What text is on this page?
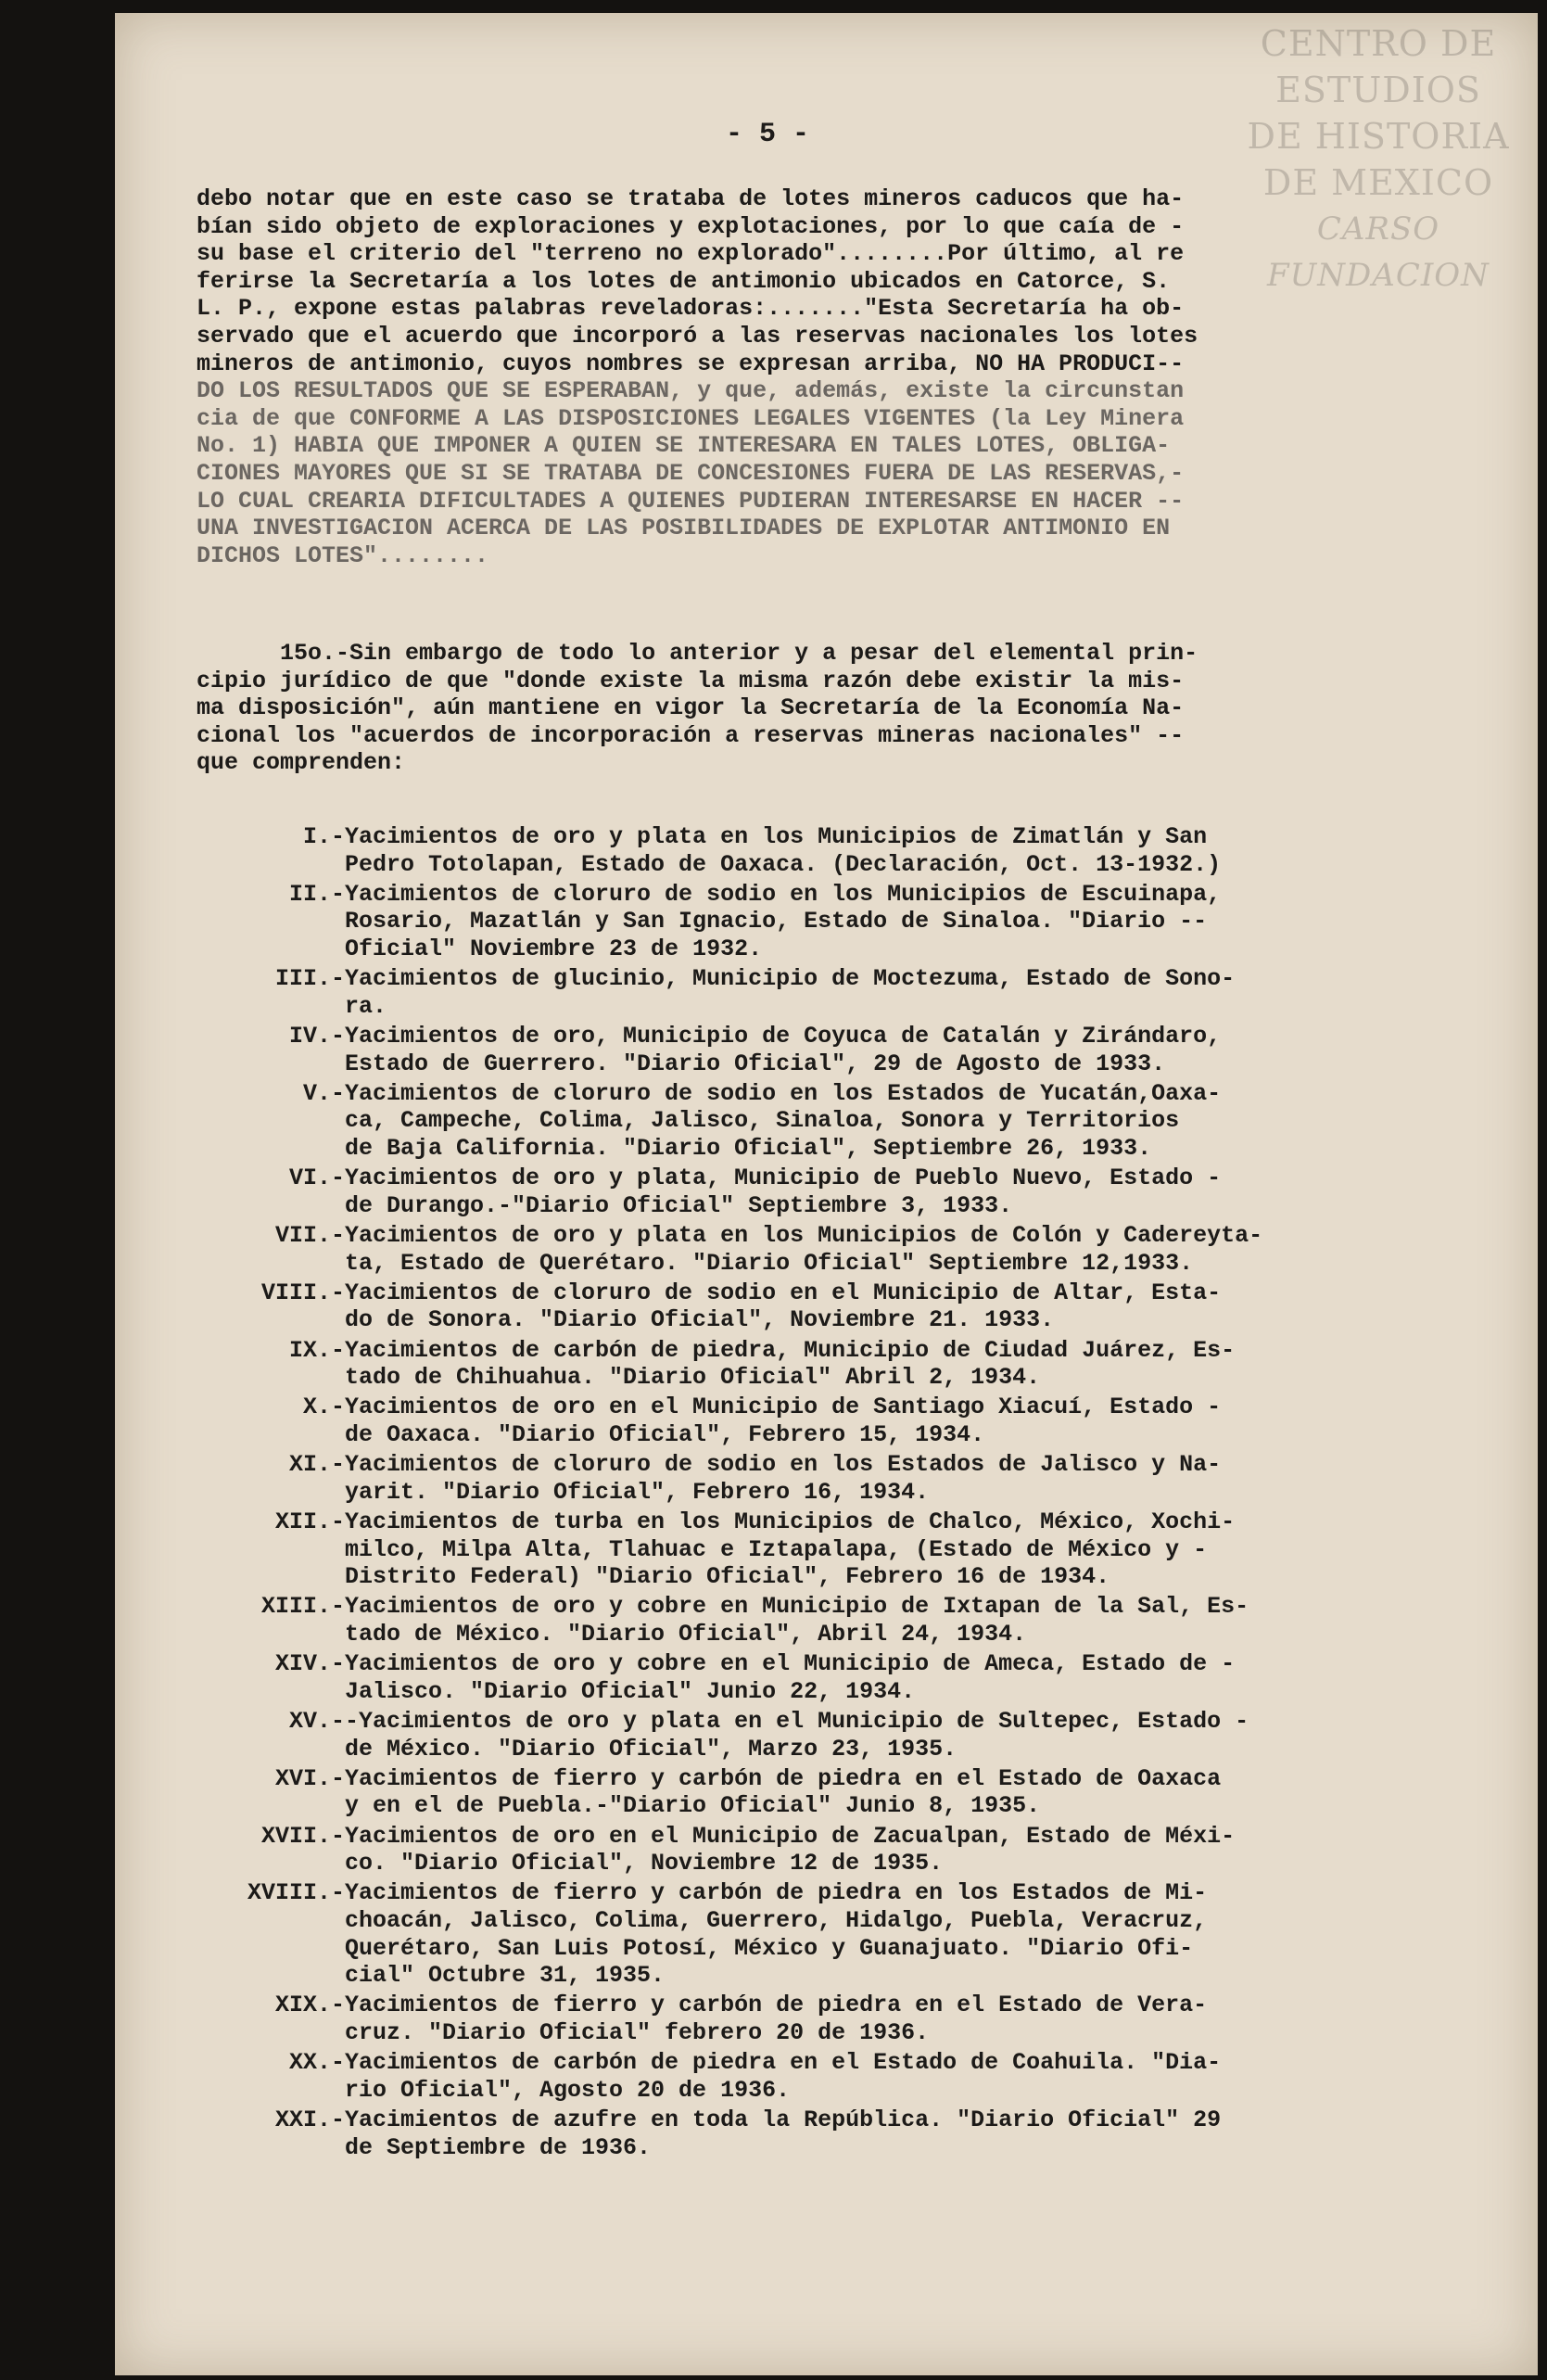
CENTRO DE
ESTUDIOS
DE HISTORIA
DE MEXICO
CARSO
FUNDACION
- 5 -
debo notar que en este caso se trataba de lotes mineros caducos que ha-
bían sido objeto de exploraciones y explotaciones, por lo que caía de -
su base el criterio del "terreno no explorado"........Por último, al re
ferirse la Secretaría a los lotes de antimonio ubicados en Catorce, S.
L. P., expone estas palabras reveladoras:......."Esta Secretaría ha ob-
servado que el acuerdo que incorporó a las reservas nacionales los lotes
mineros de antimonio, cuyos nombres se expresan arriba, NO HA PRODUCI--
DO LOS RESULTADOS QUE SE ESPERABAN, y que, además, existe la circunstan
cia de que CONFORME A LAS DISPOSICIONES LEGALES VIGENTES (la Ley Minera
No. 1) HABIA QUE IMPONER A QUIEN SE INTERESARA EN TALES LOTES, OBLIGA-
CIONES MAYORES QUE SI SE TRATABA DE CONCESIONES FUERA DE LAS RESERVAS,-
LO CUAL CREARIA DIFICULTADES A QUIENES PUDIERAN INTERESARSE EN HACER --
UNA INVESTIGACION ACERCA DE LAS POSIBILIDADES DE EXPLOTAR ANTIMONIO EN
DICHOS LOTES"........
15o.-Sin embargo de todo lo anterior y a pesar del elemental prin-
cipio jurídico de que "donde existe la misma razón debe existir la mis-
ma disposición", aún mantiene en vigor la Secretaría de la Economía Na-
cional los "acuerdos de incorporación a reservas mineras nacionales" --
que comprenden:
I.- Yacimientos de oro y plata en los Municipios de Zimatlán y San
Pedro Totolapan, Estado de Oaxaca. (Declaración, Oct. 13-1932.)
II.- Yacimientos de cloruro de sodio en los Municipios de Escuinapa,
Rosario, Mazatlán y San Ignacio, Estado de Sinaloa. "Diario --
Oficial" Noviembre 23 de 1932.
III.- Yacimientos de glucinio, Municipio de Moctezuma, Estado de Sono-
ra.
IV.- Yacimientos de oro, Municipio de Coyuca de Catalán y Zirándaro,
Estado de Guerrero. "Diario Oficial", 29 de Agosto de 1933.
V.- Yacimientos de cloruro de sodio en los Estados de Yucatán,Oaxa-
ca, Campeche, Colima, Jalisco, Sinaloa, Sonora y Territorios
de Baja California. "Diario Oficial", Septiembre 26, 1933.
VI.- Yacimientos de oro y plata, Municipio de Pueblo Nuevo, Estado -
de Durango.-"Diario Oficial" Septiembre 3, 1933.
VII.- Yacimientos de oro y plata en los Municipios de Colón y Cadereyta-
ta, Estado de Querétaro. "Diario Oficial" Septiembre 12,1933.
VIII.- Yacimientos de cloruro de sodio en el Municipio de Altar, Esta-
do de Sonora. "Diario Oficial", Noviembre 21. 1933.
IX.- Yacimientos de carbón de piedra, Municipio de Ciudad Juárez, Es-
tado de Chihuahua. "Diario Oficial" Abril 2, 1934.
X.- Yacimientos de oro en el Municipio de Santiago Xiacuí, Estado -
de Oaxaca. "Diario Oficial", Febrero 15, 1934.
XI.- Yacimientos de cloruro de sodio en los Estados de Jalisco y Na-
yarit. "Diario Oficial", Febrero 16, 1934.
XII.- Yacimientos de turba en los Municipios de Chalco, México, Xochi-
milco, Milpa Alta, Tlahuac e Iztapalapa, (Estado de México y -
Distrito Federal) "Diario Oficial", Febrero 16 de 1934.
XIII.- Yacimientos de oro y cobre en Municipio de Ixtapan de la Sal, Es-
tado de México. "Diario Oficial", Abril 24, 1934.
XIV.- Yacimientos de oro y cobre en el Municipio de Ameca, Estado de -
Jalisco. "Diario Oficial" Junio 22, 1934.
XV.- -Yacimientos de oro y plata en el Municipio de Sultepec, Estado -
de México. "Diario Oficial", Marzo 23, 1935.
XVI.- Yacimientos de fierro y carbón de piedra en el Estado de Oaxaca
y en el de Puebla.-"Diario Oficial" Junio 8, 1935.
XVII.- Yacimientos de oro en el Municipio de Zacualpan, Estado de Méxi-
co. "Diario Oficial", Noviembre 12 de 1935.
XVIII.- Yacimientos de fierro y carbón de piedra en los Estados de Mi-
choacán, Jalisco, Colima, Guerrero, Hidalgo, Puebla, Veracruz,
Querétaro, San Luis Potosí, México y Guanajuato. "Diario Ofi-
cial" Octubre 31, 1935.
XIX.- Yacimientos de fierro y carbón de piedra en el Estado de Vera-
cruz. "Diario Oficial" febrero 20 de 1936.
XX.- Yacimientos de carbón de piedra en el Estado de Coahuila. "Dia-
rio Oficial", Agosto 20 de 1936.
XXI.- Yacimientos de azufre en toda la República. "Diario Oficial" 29
de Septiembre de 1936.
